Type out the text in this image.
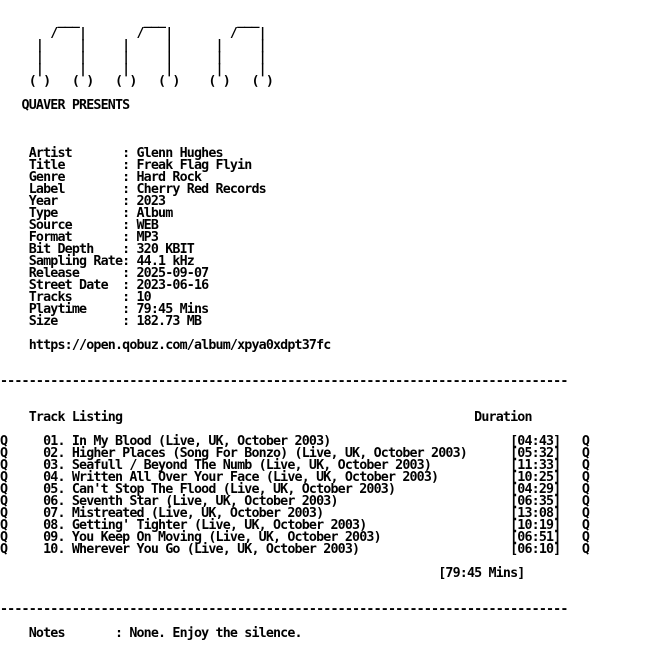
___         ___          ___
/   |       /   |        /   |
|     |     |     |      |     |
|     |     |     |      |     |
|     |     |     |      |     |
( )   ( )   ( )   ( )    ( )   ( )
QUAVER PRESENTS
Artist       : Glenn Hughes
Title        : Freak Flag Flyin
Genre        : Hard Rock
Label        : Cherry Red Records
Year         : 2023
Type         : Album
Source       : WEB
Format       : MP3
Bit Depth    : 320 KBIT
Sampling Rate: 44.1 kHz
Release      : 2025-09-07
Street Date  : 2023-06-16
Tracks       : 10
Playtime     : 79:45 Mins
Size         : 182.73 MB
https://open.qobuz.com/album/xpya0xdpt37fc
-------------------------------------------------------------------------------
Track Listing                                                 Duration
Q     01. In My Blood (Live, UK, October 2003)                         [04:43]   Q
Q     02. Higher Places (Song For Bonzo) (Live, UK, October 2003)      [05:32]   Q
Q     03. Seafull / Beyond The Numb (Live, UK, October 2003)           [11:33]   Q
Q     04. Written All Over Your Face (Live, UK, October 2003)          [10:25]   Q
Q     05. Can't Stop The Flood (Live, UK, October 2003)                [04:29]   Q
Q     06. Seventh Star (Live, UK, October 2003)                        [06:35]   Q
Q     07. Mistreated (Live, UK, October 2003)                          [13:08]   Q
Q     08. Getting' Tighter (Live, UK, October 2003)                    [10:19]   Q
Q     09. You Keep On Moving (Live, UK, October 2003)                  [06:51]   Q
Q     10. Wherever You Go (Live, UK, October 2003)                     [06:10]   Q
[79:45 Mins]
-------------------------------------------------------------------------------
Notes       : None. Enjoy the silence.
